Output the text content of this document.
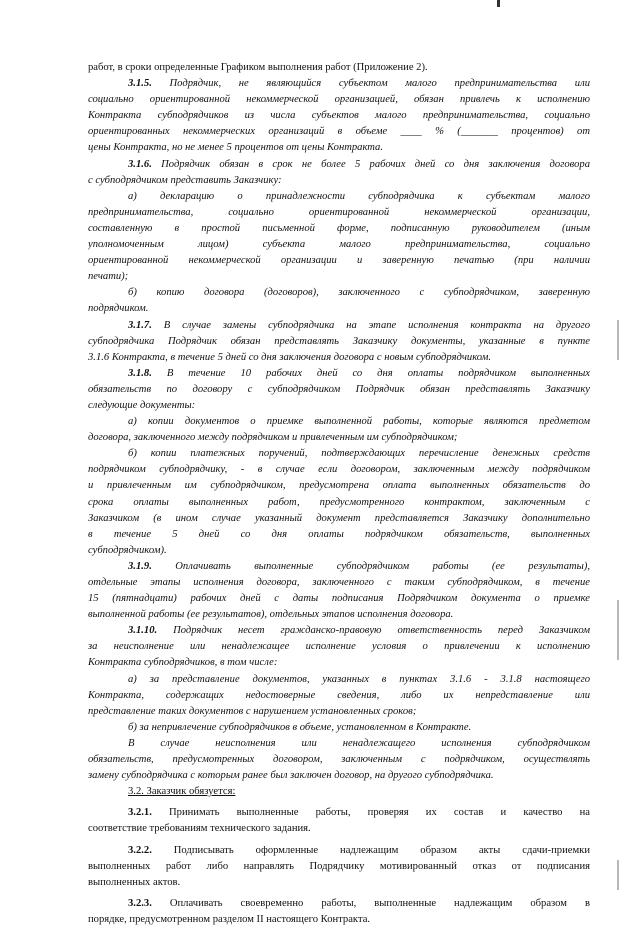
работ, в сроки определенные Графиком выполнения работ (Приложение 2).
3.1.5. Подрядчик, не являющийся субъектом малого предпринимательства или
социально ориентированной некоммерческой организацией, обязан привлечь к исполнению
Контракта субподрядчиков из числа субъектов малого предпринимательства, социально
ориентированных некоммерческих организаций в объеме ____ % (_______ процентов) от
цены Контракта, но не менее 5 процентов от цены Контракта.
3.1.6. Подрядчик обязан в срок не более 5 рабочих дней со дня заключения договора
с субподрядчиком представить Заказчику:
а) декларацию о принадлежности субподрядчика к субъектам малого
предпринимательства, социально ориентированной некоммерческой организации,
составленную в простой письменной форме, подписанную руководителем (иным
уполномоченным лицом) субъекта малого предпринимательства, социально
ориентированной некоммерческой организации и заверенную печатью (при наличии
печати);
б) копию договора (договоров), заключенного с субподрядчиком, заверенную
подрядчиком.
3.1.7. В случае замены субподрядчика на этапе исполнения контракта на другого
субподрядчика Подрядчик обязан представлять Заказчику документы, указанные в пункте
3.1.6 Контракта, в течение 5 дней со дня заключения договора с новым субподрядчиком.
3.1.8. В течение 10 рабочих дней со дня оплаты подрядчиком выполненных
обязательств по договору с субподрядчиком Подрядчик обязан представлять Заказчику
следующие документы:
а) копии документов о приемке выполненной работы, которые являются предметом
договора, заключенного между подрядчиком и привлеченным им субподрядчиком;
б) копии платежных поручений, подтверждающих перечисление денежных средств
подрядчиком субподрядчику, - в случае если договором, заключенным между подрядчиком
и привлеченным им субподрядчиком, предусмотрена оплата выполненных обязательств до
срока оплаты выполненных работ, предусмотренного контрактом, заключенным с
Заказчиком (в ином случае указанный документ представляется Заказчику дополнительно
в течение 5 дней со дня оплаты подрядчиком обязательств, выполненных
субподрядчиком).
3.1.9. Оплачивать выполненные субподрядчиком работы (ее результаты),
отдельные этапы исполнения договора, заключенного с таким субподрядчиком, в течение
15 (пятнадцати) рабочих дней с даты подписания Подрядчиком документа о приемке
выполненной работы (ее результатов), отдельных этапов исполнения договора.
3.1.10. Подрядчик несет гражданско-правовую ответственность перед Заказчиком
за неисполнение или ненадлежащее исполнение условия о привлечении к исполнению
Контракта субподрядчиков, в том числе:
а) за представление документов, указанных в пунктах 3.1.6 - 3.1.8 настоящего
Контракта, содержащих недостоверные сведения, либо их непредставление или
представление таких документов с нарушением установленных сроков;
б) за непривлечение субподрядчиков в объеме, установленном в Контракте.
В случае неисполнения или ненадлежащего исполнения субподрядчиком
обязательств, предусмотренных договором, заключенным с подрядчиком, осуществлять
замену субподрядчика с которым ранее был заключен договор, на другого субподрядчика.
3.2. Заказчик обязуется:
3.2.1. Принимать выполненные работы, проверяя их состав и качество на
соответствие требованиям технического задания.
3.2.2. Подписывать оформленные надлежащим образом акты сдачи-приемки
выполненных работ либо направлять Подрядчику мотивированный отказ от подписания
выполненных актов.
3.2.3. Оплачивать своевременно работы, выполненные надлежащим образом в
порядке, предусмотренном разделом II настоящего Контракта.
